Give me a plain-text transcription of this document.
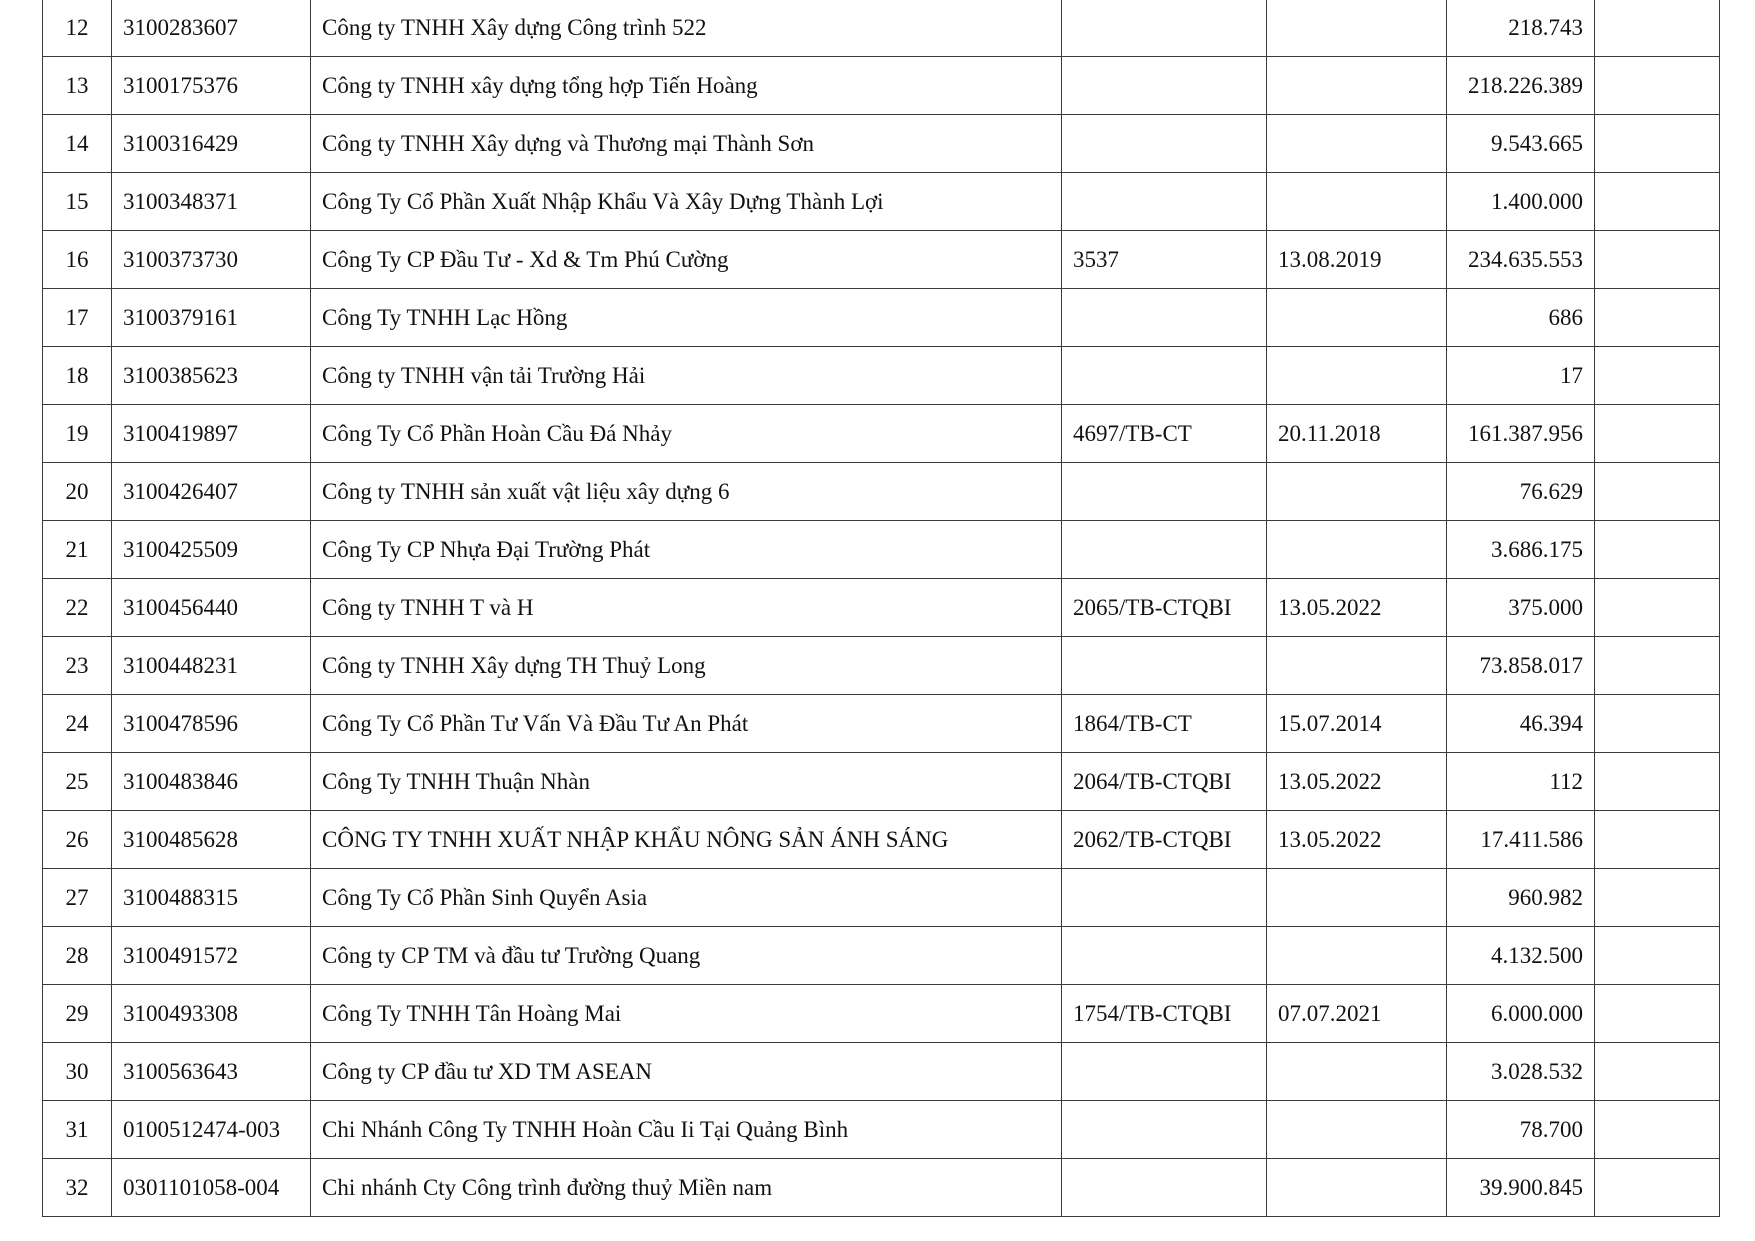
12	3100283607	Công ty TNHH Xây dựng Công trình 522			218.743	
13	3100175376	Công ty TNHH xây dựng tổng hợp Tiến Hoàng			218.226.389	
14	3100316429	Công ty TNHH Xây dựng và Thương mại Thành Sơn			9.543.665	
15	3100348371	Công Ty Cổ Phần Xuất Nhập Khẩu Và Xây Dựng Thành Lợi			1.400.000	
16	3100373730	Công Ty CP Đầu Tư - Xd & Tm Phú Cường	3537	13.08.2019	234.635.553	
17	3100379161	Công Ty TNHH Lạc Hồng			686	
18	3100385623	Công ty TNHH vận tải Trường Hải			17	
19	3100419897	Công Ty Cổ Phần Hoàn Cầu Đá Nhảy	4697/TB-CT	20.11.2018	161.387.956	
20	3100426407	Công ty TNHH sản xuất vật liệu xây dựng 6			76.629	
21	3100425509	Công Ty CP Nhựa Đại Trường Phát			3.686.175	
22	3100456440	Công ty TNHH T và H	2065/TB-CTQBI	13.05.2022	375.000	
23	3100448231	Công ty TNHH Xây dựng TH Thuỷ Long			73.858.017	
24	3100478596	Công Ty Cổ Phần Tư Vấn Và Đầu Tư An Phát	1864/TB-CT	15.07.2014	46.394	
25	3100483846	Công Ty TNHH Thuận Nhàn	2064/TB-CTQBI	13.05.2022	112	
26	3100485628	CÔNG TY TNHH XUẤT NHẬP KHẨU NÔNG SẢN ÁNH SÁNG	2062/TB-CTQBI	13.05.2022	17.411.586	
27	3100488315	Công Ty Cổ Phần Sinh Quyển Asia			960.982	
28	3100491572	Công ty CP TM và đầu tư Trường Quang			4.132.500	
29	3100493308	Công Ty TNHH Tân Hoàng Mai	1754/TB-CTQBI	07.07.2021	6.000.000	
30	3100563643	Công ty CP đầu tư XD TM ASEAN			3.028.532	
31	0100512474-003	Chi Nhánh Công Ty TNHH Hoàn Cầu Ii Tại Quảng Bình			78.700	
32	0301101058-004	Chi nhánh Cty Công trình đường thuỷ Miền nam			39.900.845	
